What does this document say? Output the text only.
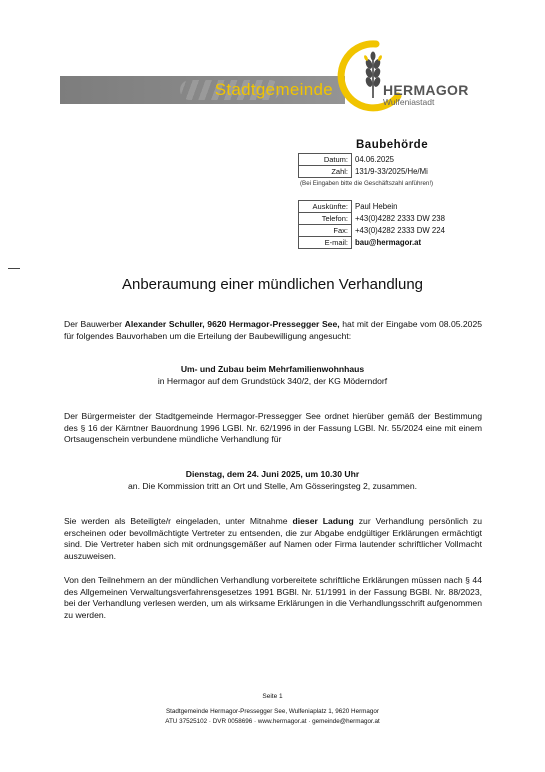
Stadtgemeinde	HERMAGOR
Wulfeniastadt
Baubehörde
Datum:	04.06.2025
Zahl:	131/9-33/2025/He/Mi
(Bei Eingaben bitte die Geschäftszahl anführen!)
Auskünfte:	Paul Hebein
Telefon:	+43(0)4282 2333 DW 238
Fax:	+43(0)4282 2333 DW 224
E-mail:	bau@hermagor.at
Anberaumung einer mündlichen Verhandlung
Der Bauwerber Alexander Schuller, 9620 Hermagor-Pressegger See, hat mit der Eingabe vom 08.05.2025 für folgendes Bauvorhaben um die Erteilung der Baubewilligung angesucht:
Um- und Zubau beim Mehrfamilienwohnhaus
in Hermagor auf dem Grundstück 340/2, der KG Möderndorf
Der Bürgermeister der Stadtgemeinde Hermagor-Pressegger See ordnet hierüber gemäß der Bestimmung des § 16 der Kärntner Bauordnung 1996 LGBl. Nr. 62/1996 in der Fassung LGBl. Nr. 55/2024 eine mit einem Ortsaugenschein verbundene mündliche Verhandlung für
Dienstag, dem 24. Juni 2025, um 10.30 Uhr
an. Die Kommission tritt an Ort und Stelle, Am Gösseringsteg 2, zusammen.
Sie werden als Beteiligte/r eingeladen, unter Mitnahme dieser Ladung zur Verhandlung persönlich zu erscheinen oder bevollmächtigte Vertreter zu entsenden, die zur Abgabe endgültiger Erklärungen ermächtigt sind. Die Vertreter haben sich mit ordnungsgemäßer auf Namen oder Firma lautender schriftlicher Vollmacht auszuweisen.
Von den Teilnehmern an der mündlichen Verhandlung vorbereitete schriftliche Erklärungen müssen nach § 44 des Allgemeinen Verwaltungsverfahrensgesetzes 1991 BGBl. Nr. 51/1991 in der Fassung BGBl. Nr. 88/2023, bei der Verhandlung verlesen werden, um als wirksame Erklärungen in die Verhandlungsschrift aufgenommen zu werden.
Seite 1
Stadtgemeinde Hermagor-Pressegger See, Wulfeniaplatz 1, 9620 Hermagor
ATU 37525102 · DVR 0058696 · www.hermagor.at · gemeinde@hermagor.at
